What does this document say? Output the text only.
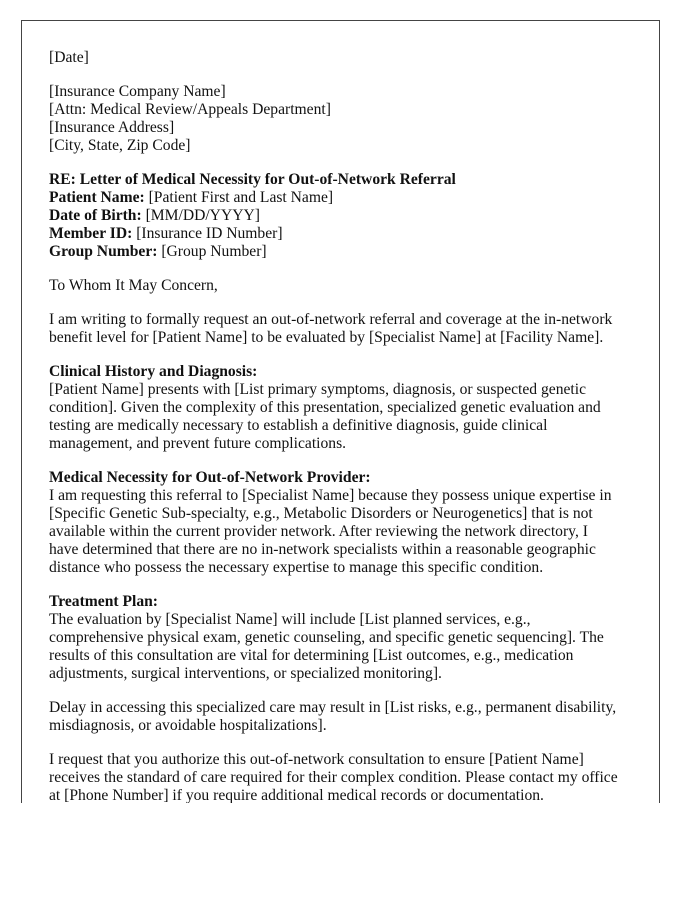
[Date]

[Insurance Company Name]
[Attn: Medical Review/Appeals Department]
[Insurance Address]
[City, State, Zip Code]

RE: Letter of Medical Necessity for Out-of-Network Referral
Patient Name: [Patient First and Last Name]
Date of Birth: [MM/DD/YYYY]
Member ID: [Insurance ID Number]
Group Number: [Group Number]

To Whom It May Concern,

I am writing to formally request an out-of-network referral and coverage at the in-network
benefit level for [Patient Name] to be evaluated by [Specialist Name] at [Facility Name].

Clinical History and Diagnosis:
[Patient Name] presents with [List primary symptoms, diagnosis, or suspected genetic
condition]. Given the complexity of this presentation, specialized genetic evaluation and
testing are medically necessary to establish a definitive diagnosis, guide clinical
management, and prevent future complications.

Medical Necessity for Out-of-Network Provider:
I am requesting this referral to [Specialist Name] because they possess unique expertise in
[Specific Genetic Sub-specialty, e.g., Metabolic Disorders or Neurogenetics] that is not
available within the current provider network. After reviewing the network directory, I
have determined that there are no in-network specialists within a reasonable geographic
distance who possess the necessary expertise to manage this specific condition.

Treatment Plan:
The evaluation by [Specialist Name] will include [List planned services, e.g.,
comprehensive physical exam, genetic counseling, and specific genetic sequencing]. The
results of this consultation are vital for determining [List outcomes, e.g., medication
adjustments, surgical interventions, or specialized monitoring].

Delay in accessing this specialized care may result in [List risks, e.g., permanent disability,
misdiagnosis, or avoidable hospitalizations].

I request that you authorize this out-of-network consultation to ensure [Patient Name]
receives the standard of care required for their complex condition. Please contact my office
at [Phone Number] if you require additional medical records or documentation.
